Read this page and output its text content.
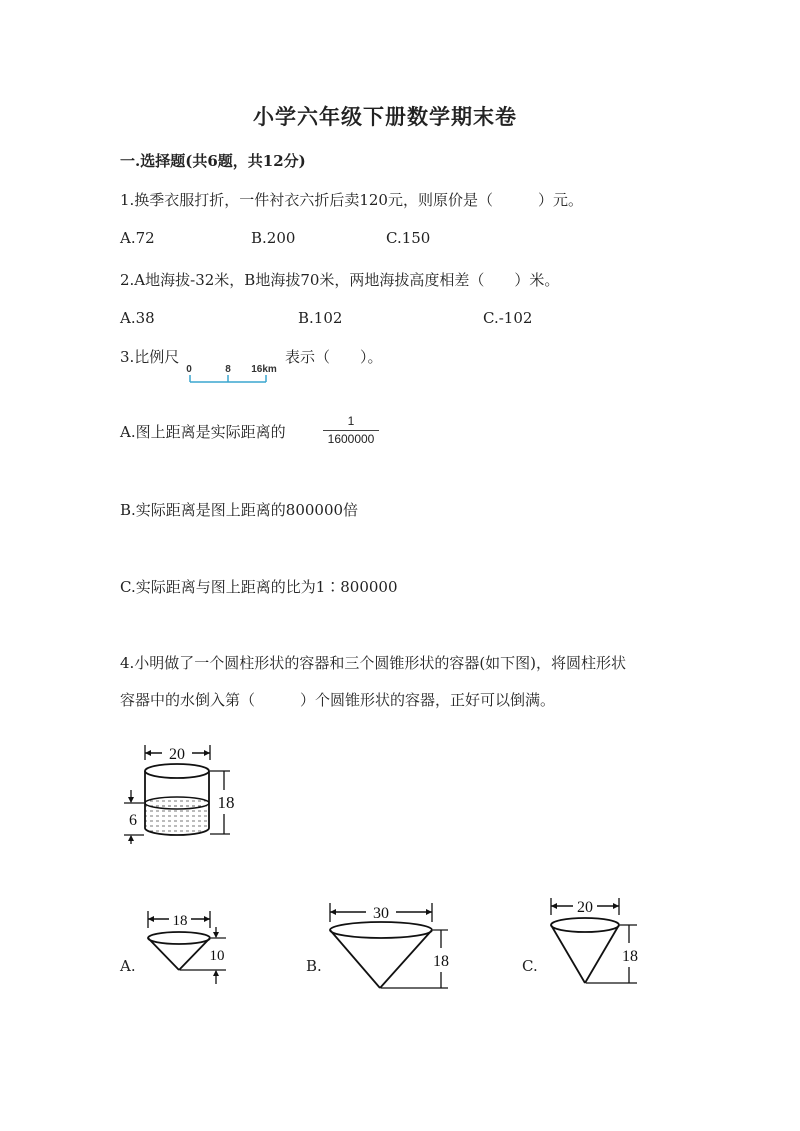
小学六年级下册数学期末卷
一.选择题(共6题，共12分)
1.换季衣服打折，一件衬衣六折后卖120元，则原价是（　　　）元。
A.72	B.200	C.150
2.A地海拔-32米，B地海拔70米，两地海拔高度相差（　　）米。
A.38	B.102	C.-102
3.比例尺
0	8 16km
表示（　　）。
A.图上距离是实际距离的
1
1600000
B.实际距离是图上距离的800000倍
C.实际距离与图上距离的比为1∶800000
4.小明做了一个圆柱形状的容器和三个圆锥形状的容器(如下图)，将圆柱形状
容器中的水倒入第（　　　）个圆锥形状的容器，正好可以倒满。
20
18
6
A.
18
10
B.
30
18	C.
20
18
